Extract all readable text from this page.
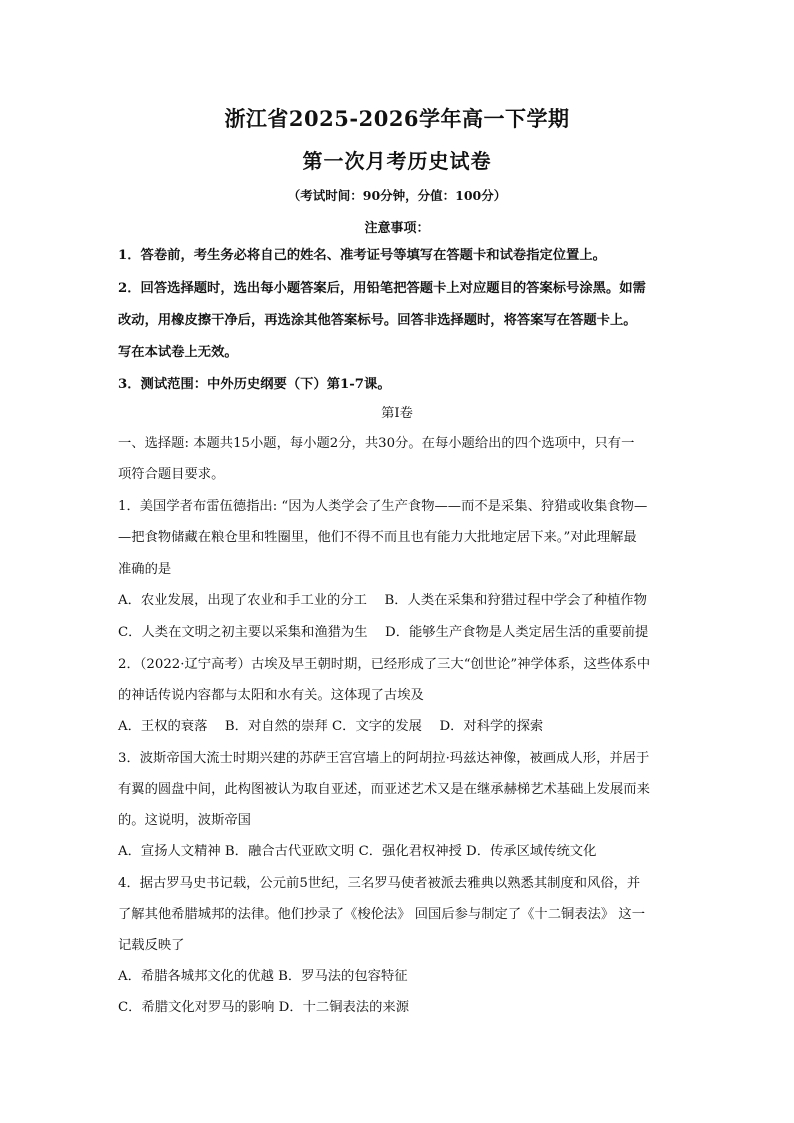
浙江省2025-2026学年高一下学期
第一次月考历史试卷
（考试时间：90分钟，分值：100分）
注意事项：
1．答卷前，考生务必将自己的姓名、准考证号等填写在答题卡和试卷指定位置上。
2．回答选择题时，选出每小题答案后，用铅笔把答题卡上对应题目的答案标号涂黑。如需
改动，用橡皮擦干净后，再选涂其他答案标号。回答非选择题时，将答案写在答题卡上。
写在本试卷上无效。
3．测试范围：中外历史纲要（下）第1-7课。
第Ⅰ卷
一、选择题: 本题共15小题，每小题2分，共30分。在每小题给出的四个选项中，只有一
项符合题目要求。
1．美国学者布雷伍德指出: “因为人类学会了生产食物——而不是采集、狩猎或收集食物—
—把食物储藏在粮仓里和牲圈里，他们不得不而且也有能力大批地定居下来。”对此理解最
准确的是
A．农业发展，出现了农业和手工业的分工　 B．人类在采集和狩猎过程中学会了种植作物
C．人类在文明之初主要以采集和渔猎为生　 D．能够生产食物是人类定居生活的重要前提
2．（2022·辽宁高考）古埃及早王朝时期，已经形成了三大“创世论”神学体系，这些体系中
的神话传说内容都与太阳和水有关。这体现了古埃及
A．王权的衰落　 B．对自然的崇拜 C．文字的发展　 D．对科学的探索
3．波斯帝国大流士时期兴建的苏萨王宫宫墙上的阿胡拉·玛兹达神像，被画成人形，并居于
有翼的圆盘中间，此构图被认为取自亚述，而亚述艺术又是在继承赫梯艺术基础上发展而来
的。这说明，波斯帝国
A．宣扬人文精神 B．融合古代亚欧文明 C．强化君权神授 D．传承区域传统文化
4．据古罗马史书记载，公元前5世纪，三名罗马使者被派去雅典以熟悉其制度和风俗，并
了解其他希腊城邦的法律。他们抄录了《梭伦法》 回国后参与制定了《十二铜表法》 这一
记载反映了
A．希腊各城邦文化的优越 B．罗马法的包容特征
C．希腊文化对罗马的影响 D．十二铜表法的来源
